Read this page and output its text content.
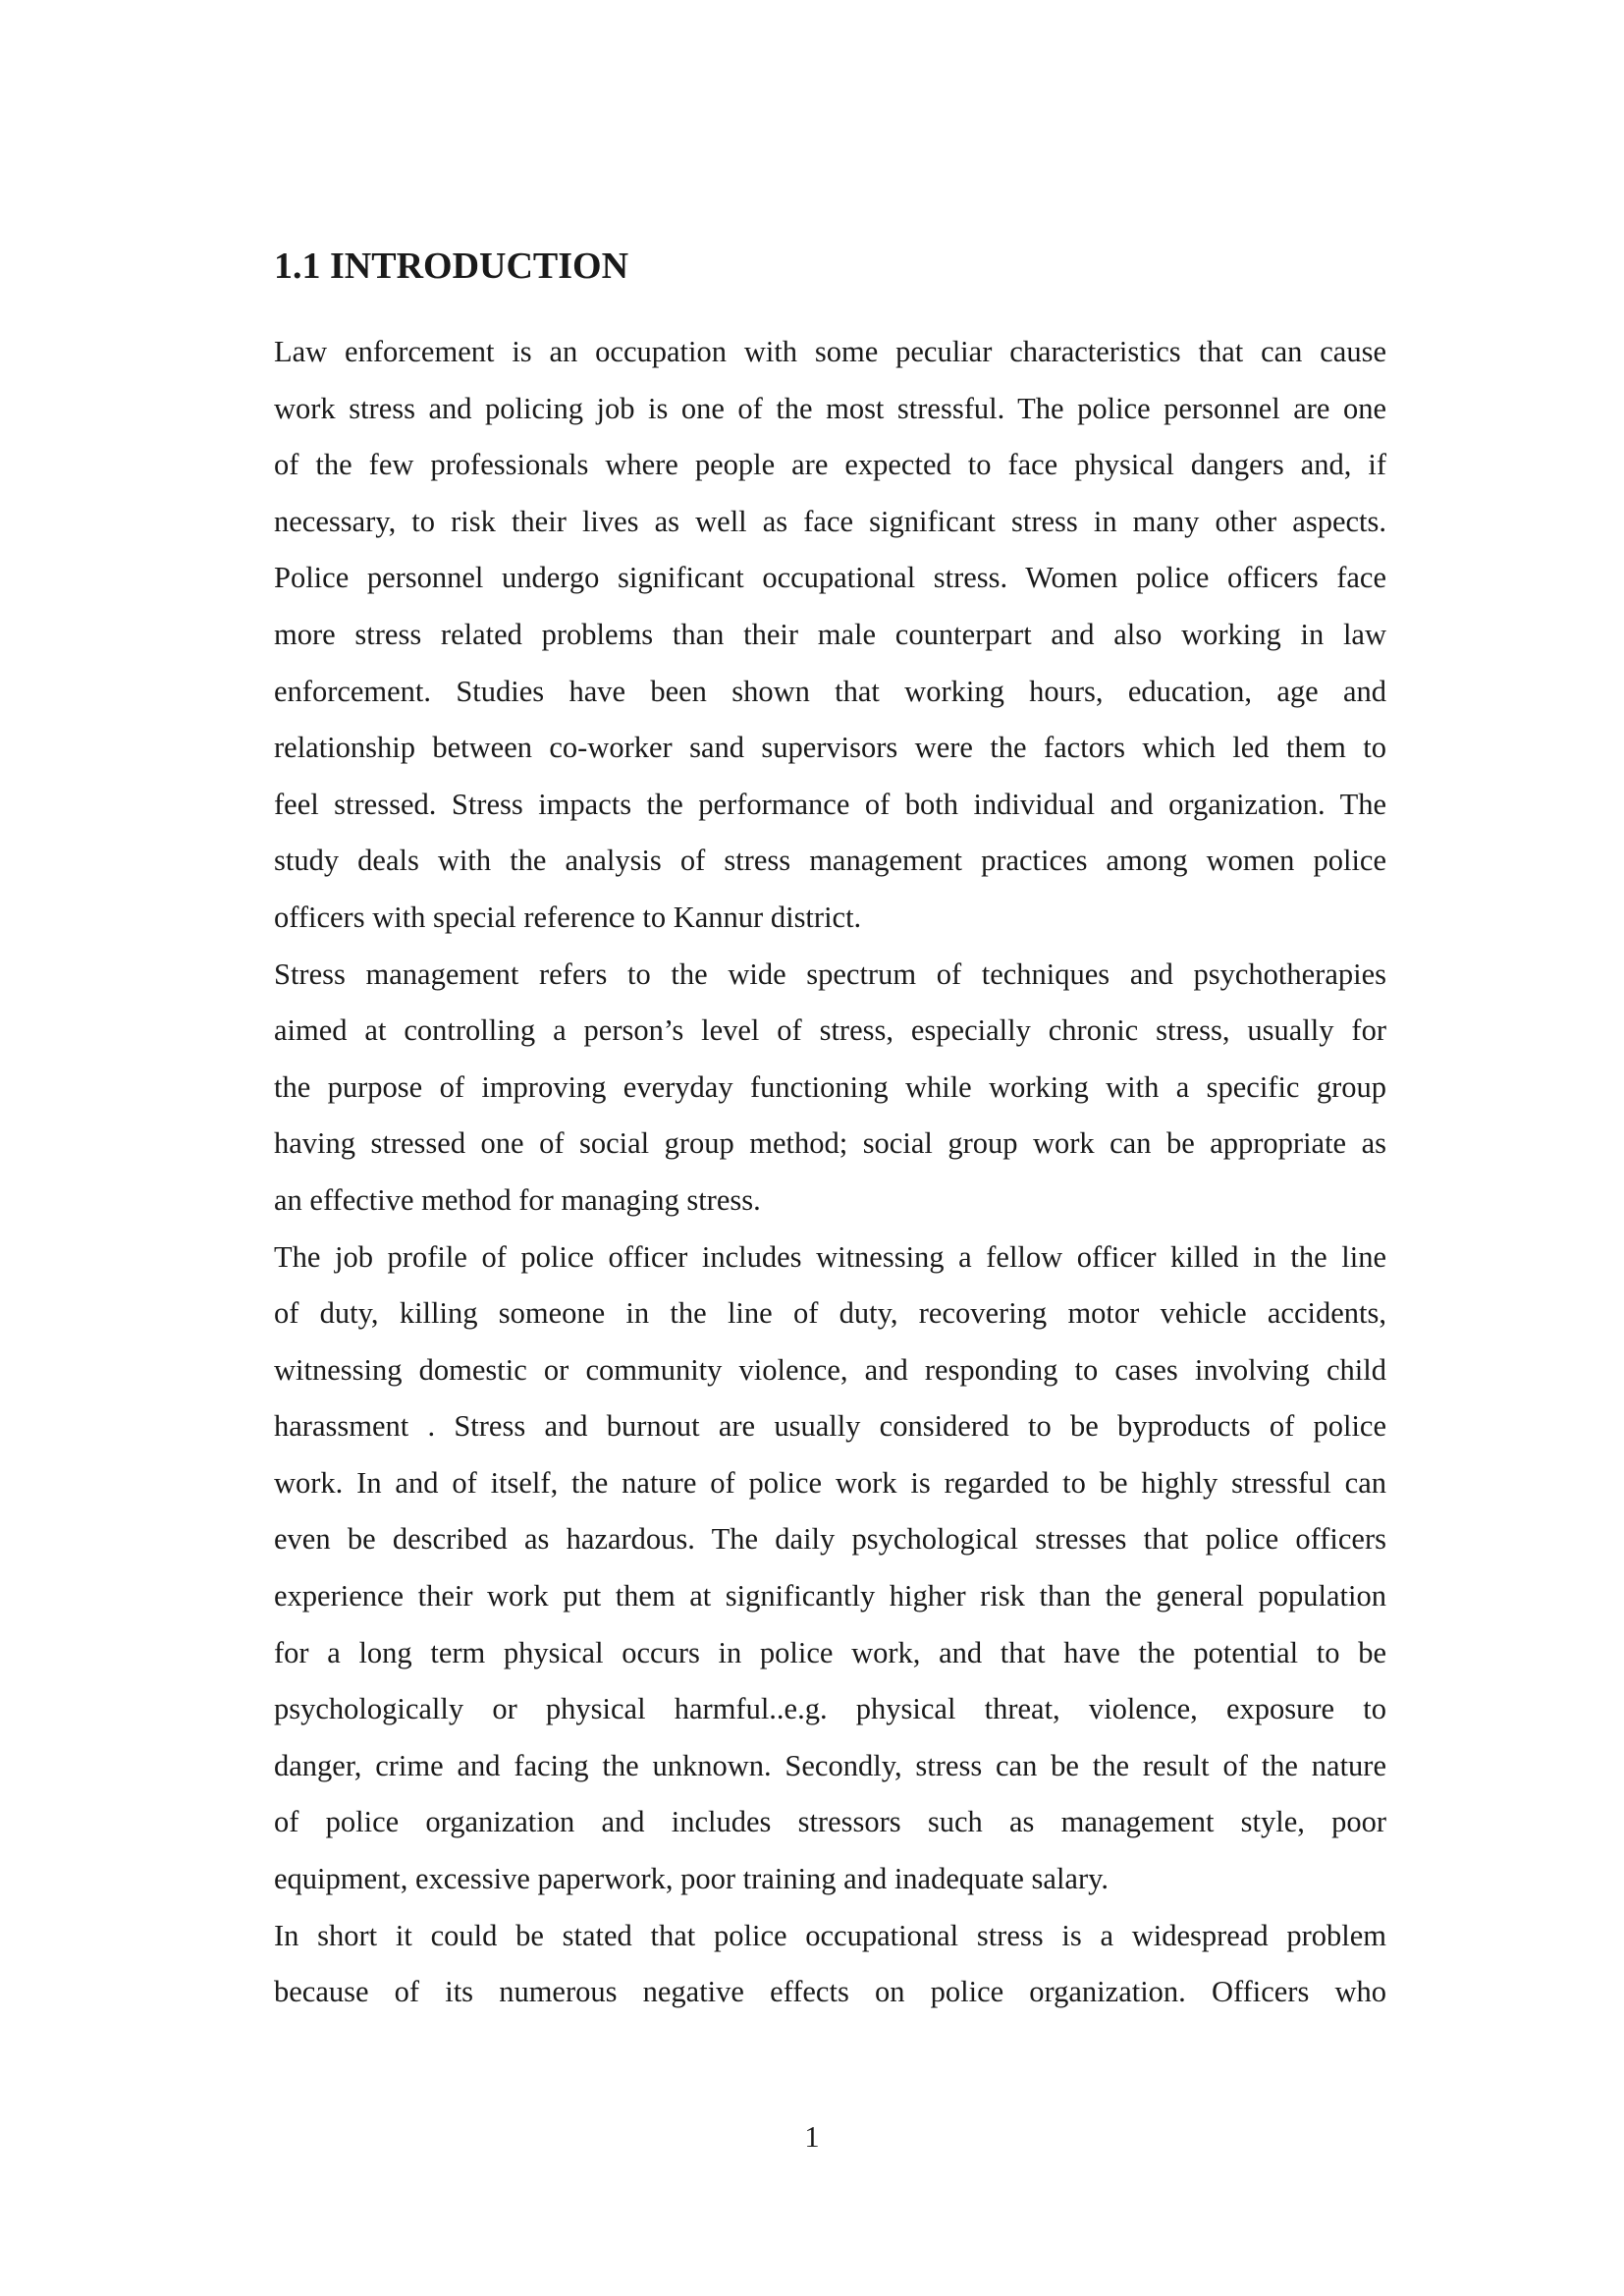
1.1 INTRODUCTION
Law enforcement is an occupation with some peculiar characteristics that can cause
work stress and policing job is one of the most stressful. The police personnel are one
of the few professionals where people are expected to face physical dangers and, if
necessary, to risk their lives as well as face significant stress in many other aspects.
Police personnel undergo significant occupational stress. Women police officers face
more stress related problems than their male counterpart and also working in law
enforcement. Studies have been shown that working hours, education, age and
relationship between co-worker sand supervisors were the factors which led them to
feel stressed. Stress impacts the performance of both individual and organization. The
study deals with the analysis of stress management practices among women police
officers with special reference to Kannur district.
Stress management refers to the wide spectrum of techniques and psychotherapies
aimed at controlling a person’s level of stress, especially chronic stress, usually for
the purpose of improving everyday functioning while working with a specific group
having stressed one of social group method; social group work can be appropriate as
an effective method for managing stress.
The job profile of police officer includes witnessing a fellow officer killed in the line
of duty, killing someone in the line of duty, recovering motor vehicle accidents,
witnessing domestic or community violence, and responding to cases involving child
harassment . Stress and burnout are usually considered to be byproducts of police
work. In and of itself, the nature of police work is regarded to be highly stressful can
even be described as hazardous. The daily psychological stresses that police officers
experience their work put them at significantly higher risk than the general population
for a long term physical occurs in police work, and that have the potential to be
psychologically or physical harmful..e.g. physical threat, violence, exposure to
danger, crime and facing the unknown. Secondly, stress can be the result of the nature
of police organization and includes stressors such as management style, poor
equipment, excessive paperwork, poor training and inadequate salary.
In short it could be stated that police occupational stress is a widespread problem
because of its numerous negative effects on police organization. Officers who
1
